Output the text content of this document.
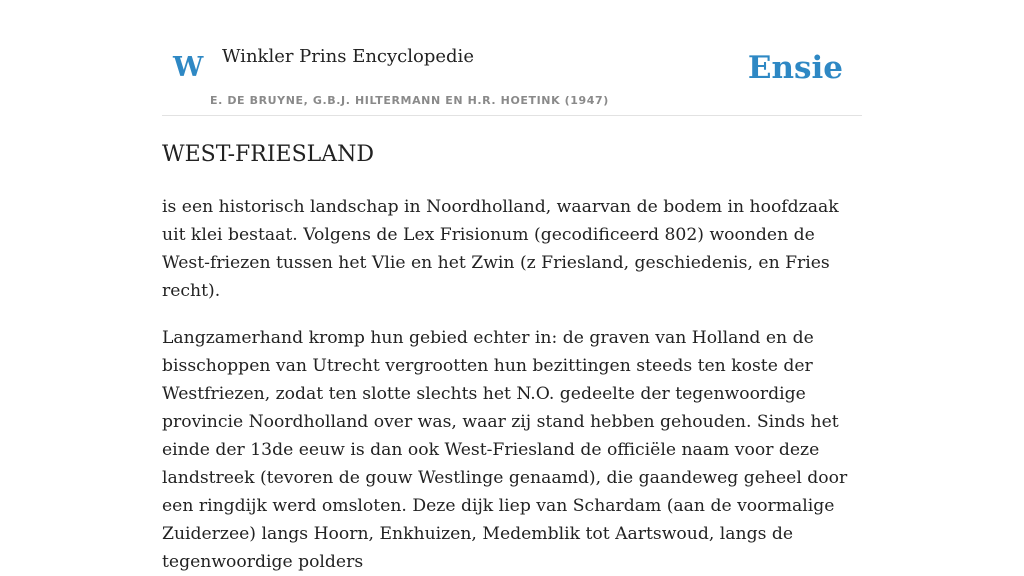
W Winkler Prins Encyclopedie
E. DE BRUYNE, G.B.J. HILTERMANN EN H.R. HOETINK (1947)
Ensie
WEST-FRIESLAND

is een historisch landschap in Noordholland, waarvan de bodem in hoofdzaak uit klei bestaat. Volgens de Lex Frisionum (gecodificeerd 802) woonden de West-friezen tussen het Vlie en het Zwin (z Friesland, geschiedenis, en Fries recht).

Langzamerhand kromp hun gebied echter in: de graven van Holland en de bisschoppen van Utrecht vergrootten hun bezittingen steeds ten koste der Westfriezen, zodat ten slotte slechts het N.O. gedeelte der tegenwoordige provincie Noordholland over was, waar zij stand hebben gehouden. Sinds het einde der 13de eeuw is dan ook West-Friesland de officiële naam voor deze landstreek (tevoren de gouw Westlinge genaamd), die gaandeweg geheel door een ringdijk werd omsloten. Deze dijk liep van Schardam (aan de voormalige Zuiderzee) langs Hoorn, Enkhuizen, Medemblik tot Aartswoud, langs de tegenwoordige polders
